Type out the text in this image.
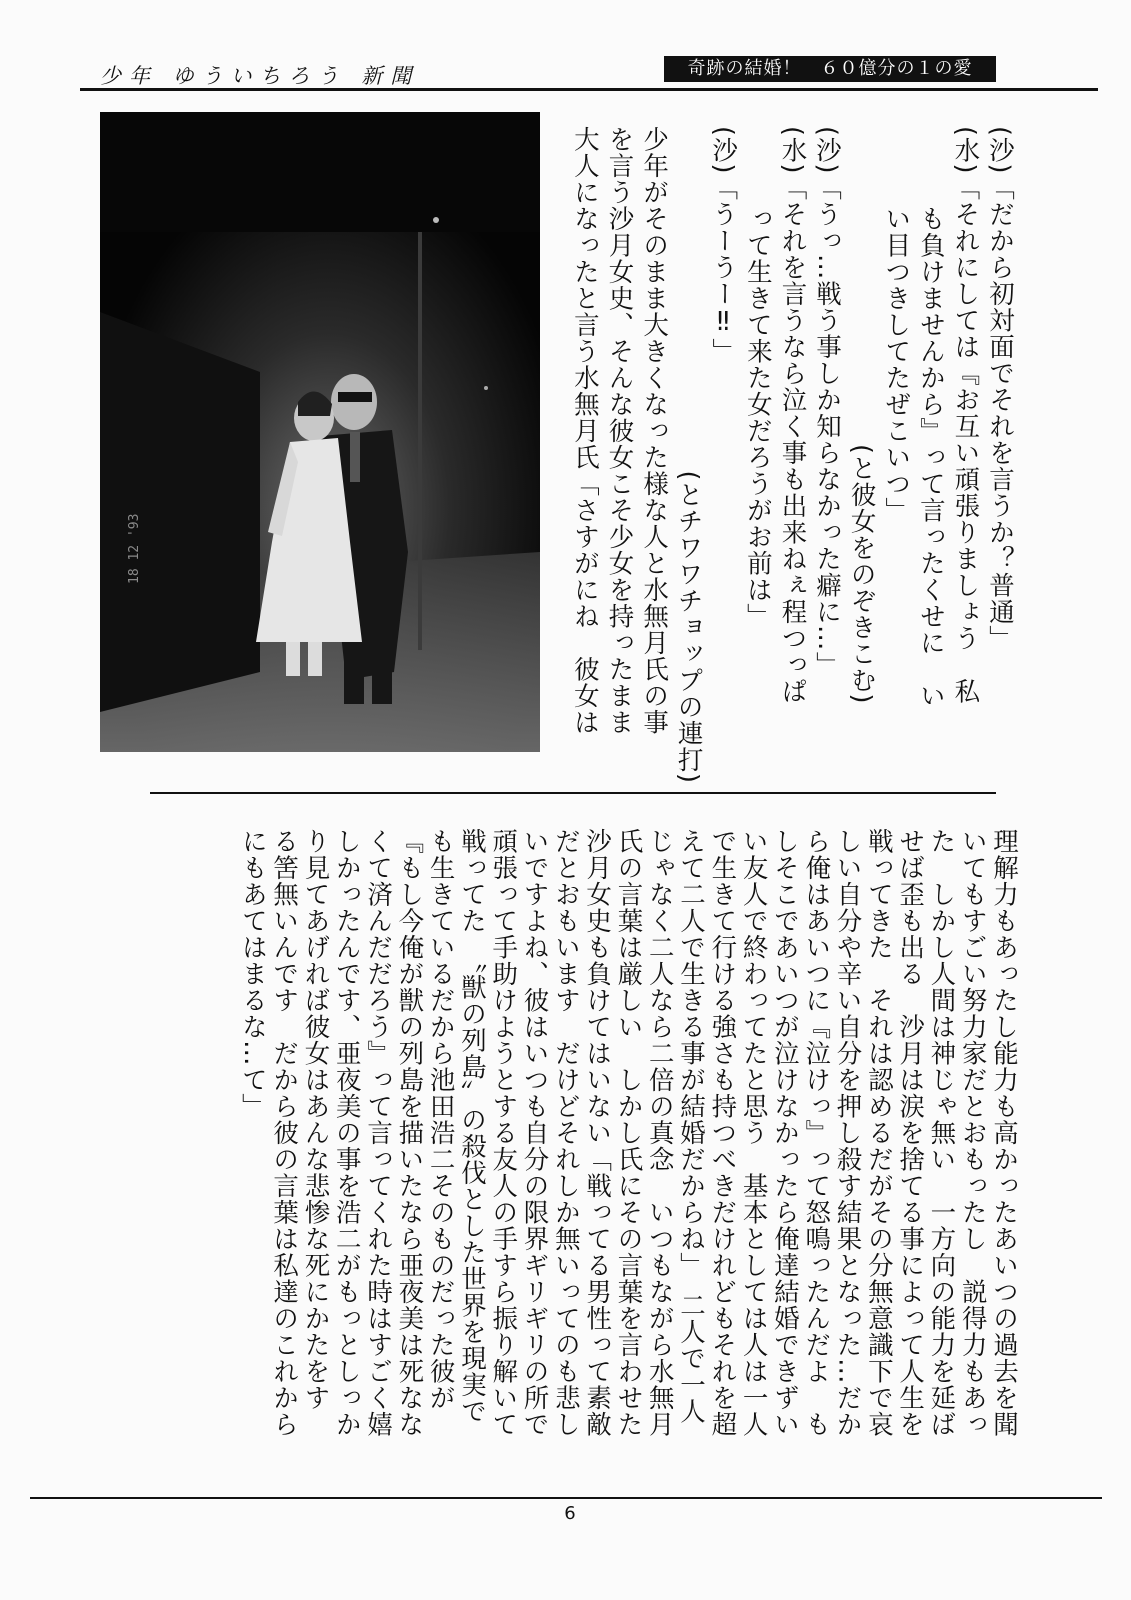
少年 ゆういちろう 新聞	奇跡の結婚！　６０億分の１の愛
18 12 '93	(沙)「だから初対面でそれを言うか？普通」
(水)「それにしては『お互い頑張りましょう　私
　　　も負けませんから』って言ったくせに　い
　　　い目つきしてたぜこいつ」
　　　　　　　　　　　　(と彼女をのぞきこむ)
(沙)「うっ…戦う事しか知らなかった癖に…」
(水)「それを言うなら泣く事も出来ねぇ程つっぱ
　　　って生きて来た女だろうがお前は」
(沙)「うーうー‼」
　　　　　　　　　　　　　(とチワワチョップの連打)
少年がそのまま大きくなった様な人と水無月氏の事
を言う沙月女史、そんな彼女こそ少女を持ったまま
大人になったと言う水無月氏「さすがにね　彼女は
理解力もあったし能力も高かったあいつの過去を聞
いてもすごい努力家だとおもったし　説得力もあっ
た　しかし人間は神じゃ無い　一方向の能力を延ば
せば歪も出る　沙月は涙を捨てる事によって人生を
戦ってきた　それは認めるだがその分無意識下で哀
しい自分や辛い自分を押し殺す結果となった…だか
ら俺はあいつに『泣けっ』って怒鳴ったんだよ　も
しそこであいつが泣けなかったら俺達結婚できずい
い友人で終わってたと思う　基本としては人は一人
で生きて行ける強さも持つべきだけれどもそれを超
えて二人で生きる事が結婚だからね」　二人で一人
じゃなく二人なら二倍の真念　いつもながら水無月
氏の言葉は厳しい　しかし氏にその言葉を言わせた
沙月女史も負けてはいない「戦ってる男性って素敵
だとおもいます　だけどそれしか無いってのも悲し
いですよね、彼はいつも自分の限界ギリギリの所で
頑張って手助けようとする友人の手すら振り解いて
戦ってた　〝獣の列島〟の殺伐とした世界を現実で
も生きているだから池田浩二そのものだった彼が
『もし今俺が獣の列島を描いたなら亜夜美は死なな
くて済んだだろう』って言ってくれた時はすごく嬉
しかったんです、亜夜美の事を浩二がもっとしっか
り見てあげれば彼女はあんな悲惨な死にかたをす
る筈無いんです　だから彼の言葉は私達のこれから
にもあてはまるな…て」
6
